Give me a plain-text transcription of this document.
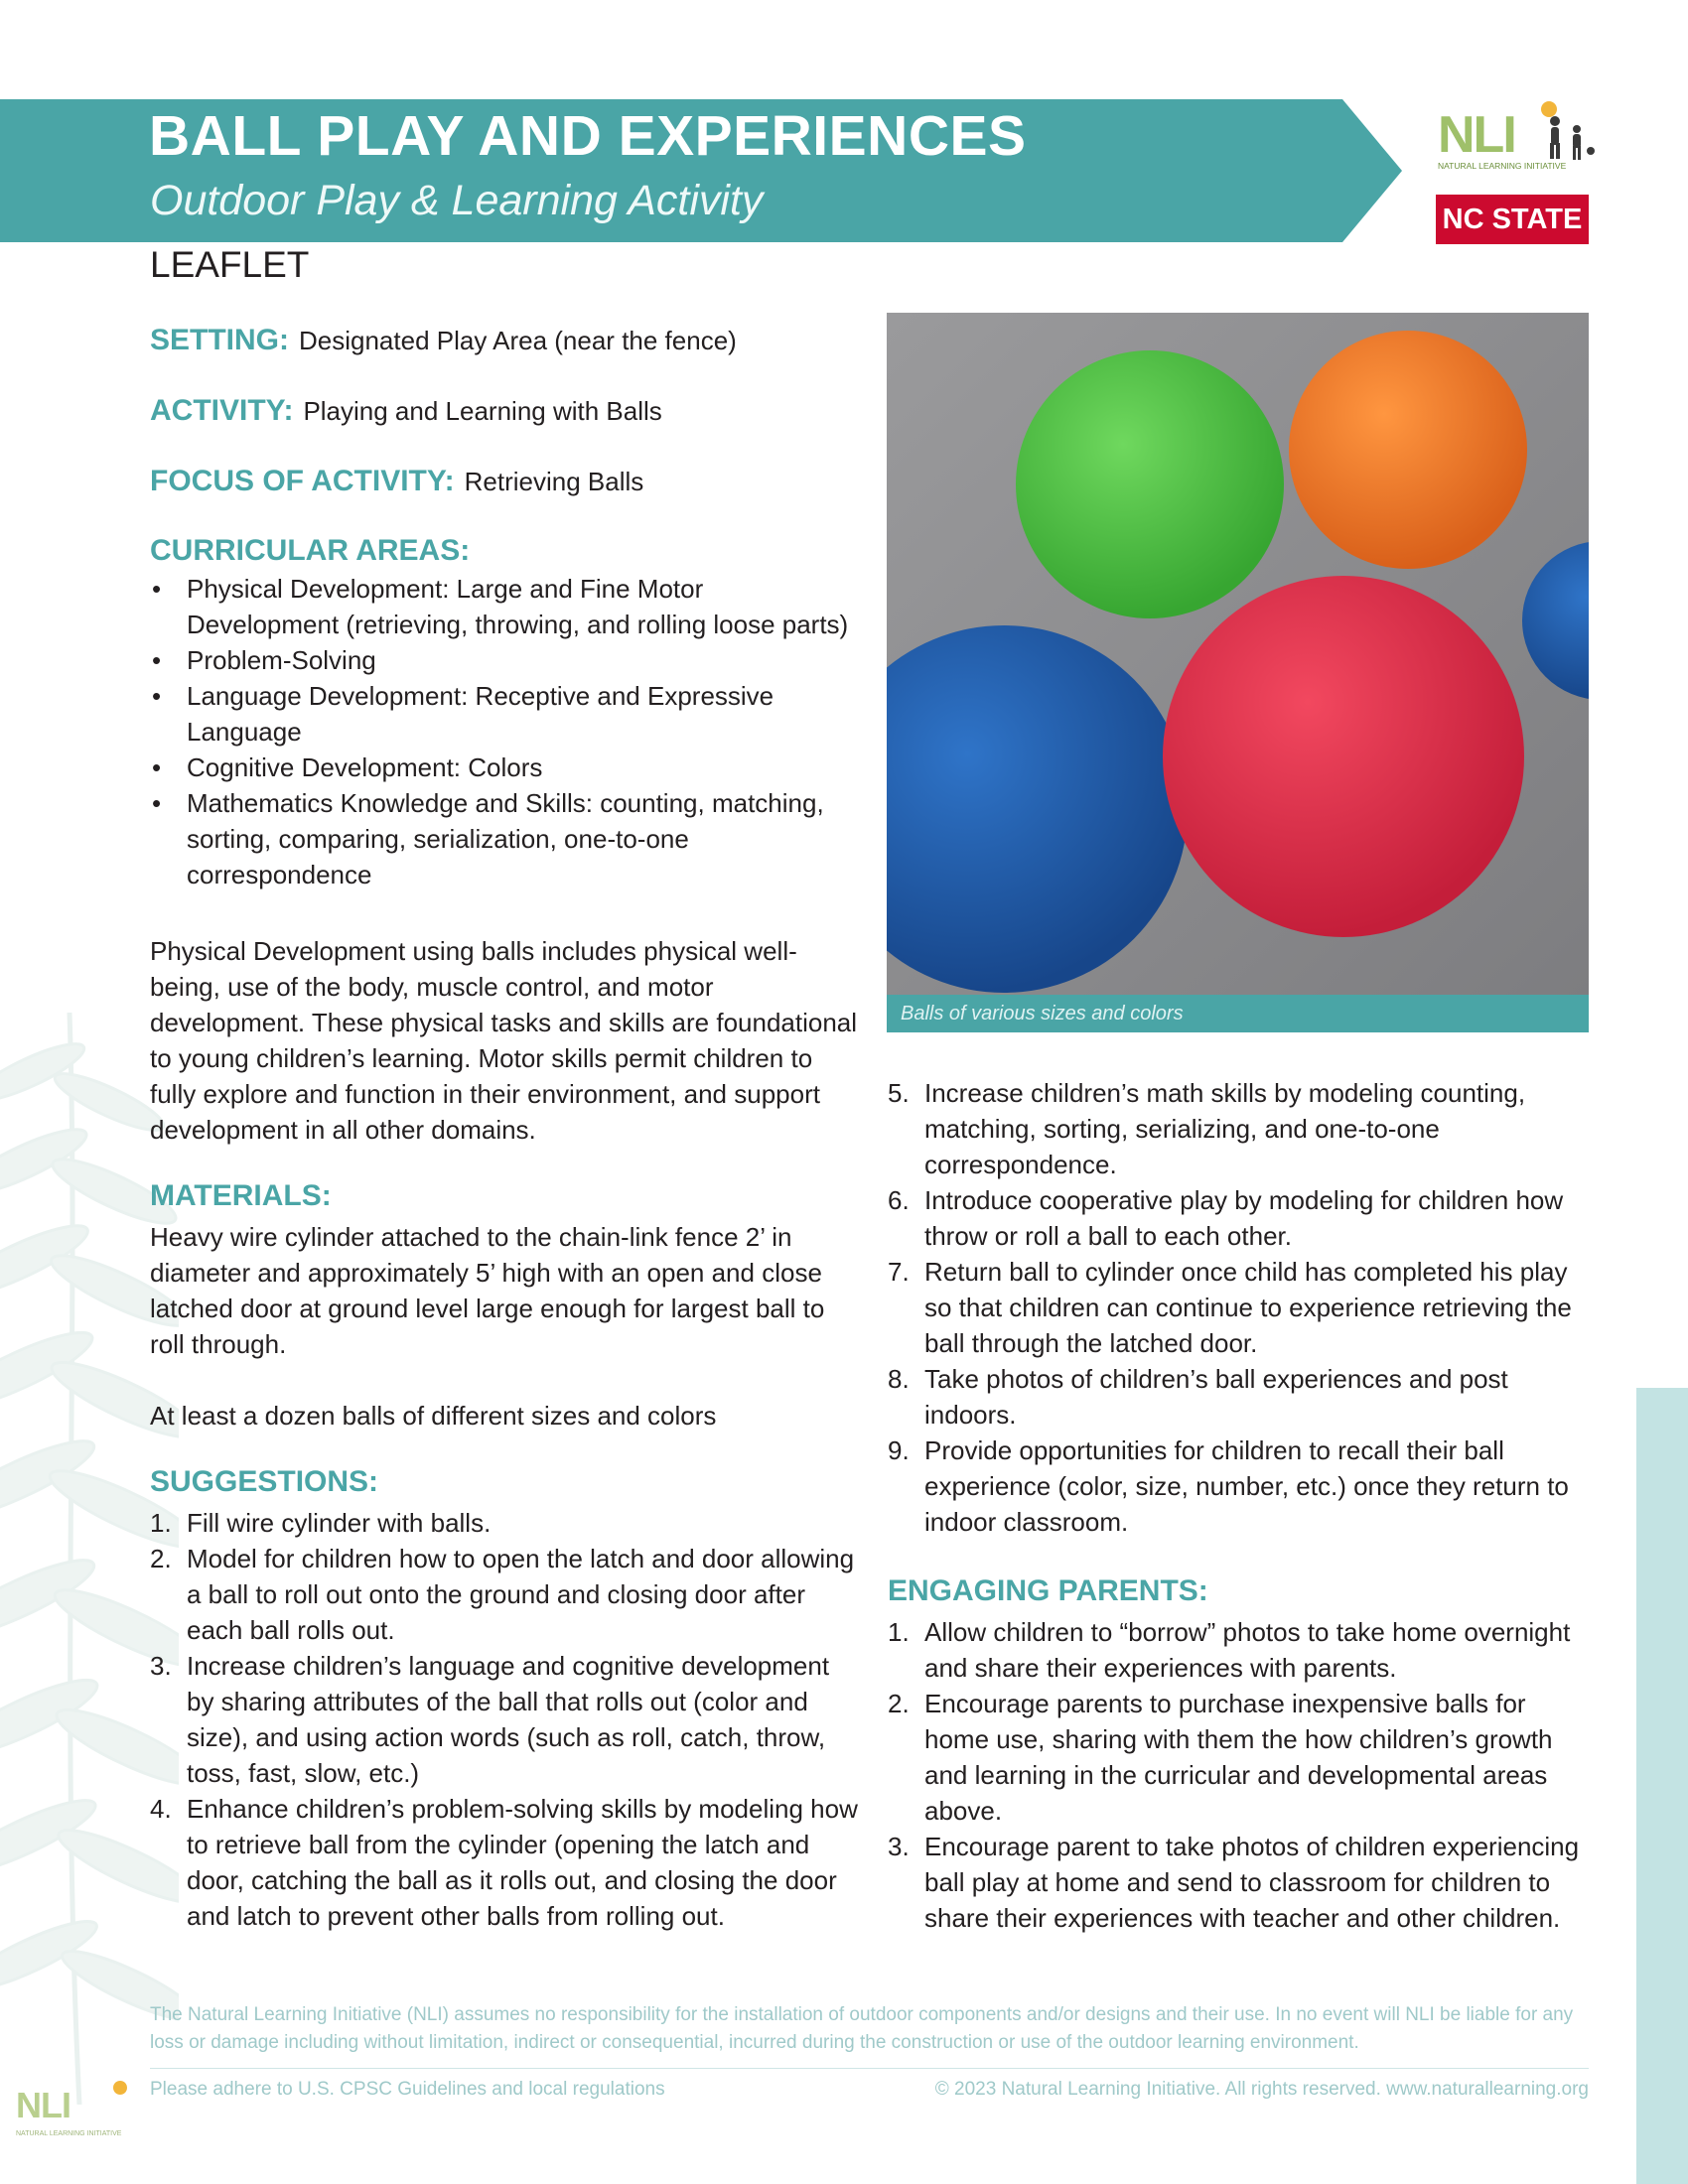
BALL PLAY AND EXPERIENCES
Outdoor Play & Learning Activity
LEAFLET
NLI
NATURAL LEARNING INITIATIVE
NC STATE
SETTING: Designated Play Area (near the fence)
ACTIVITY: Playing and Learning with Balls
FOCUS OF ACTIVITY: Retrieving Balls
CURRICULAR AREAS:
• Physical Development: Large and Fine Motor Development (retrieving, throwing, and rolling loose parts)
• Problem-Solving
• Language Development: Receptive and Expressive Language
• Cognitive Development: Colors
• Mathematics Knowledge and Skills: counting, matching, sorting, comparing, serialization, one-to-one correspondence

Physical Development using balls includes physical well-being, use of the body, muscle control, and motor development. These physical tasks and skills are foundational to young children’s learning. Motor skills permit children to fully explore and function in their environment, and support development in all other domains.

MATERIALS:

Heavy wire cylinder attached to the chain-link fence 2’ in diameter and approximately 5’ high with an open and close latched door at ground level large enough for largest ball to roll through.

At least a dozen balls of different sizes and colors

SUGGESTIONS:
1. Fill wire cylinder with balls.
2. Model for children how to open the latch and door allowing a ball to roll out onto the ground and closing door after each ball rolls out.
3. Increase children’s language and cognitive development by sharing attributes of the ball that rolls out (color and size), and using action words (such as roll, catch, throw, toss, fast, slow, etc.)
4. Enhance children’s problem-solving skills by modeling how to retrieve ball from the cylinder (opening the latch and door, catching the ball as it rolls out, and closing the door and latch to prevent other balls from rolling out.
Balls of various sizes and colors
5. Increase children’s math skills by modeling counting, matching, sorting, serializing, and one-to-one correspondence.
6. Introduce cooperative play by modeling for children how throw or roll a ball to each other.
7. Return ball to cylinder once child has completed his play so that children can continue to experience retrieving the ball through the latched door.
8. Take photos of children’s ball experiences and post indoors.
9. Provide opportunities for children to recall their ball experience (color, size, number, etc.) once they return to indoor classroom.
ENGAGING PARENTS:
1. Allow children to “borrow” photos to take home overnight and share their experiences with parents.
2. Encourage parents to purchase inexpensive balls for home use, sharing with them the how children’s growth and learning in the curricular and developmental areas above.
3. Encourage parent to take photos of children experiencing ball play at home and send to classroom for children to share their experiences with teacher and other children.

The Natural Learning Initiative (NLI) assumes no responsibility for the installation of outdoor components and/or designs and their use. In no event will NLI be liable for any loss or damage including without limitation, indirect or consequential, incurred during the construction or use of the outdoor learning environment.

NLI
NATURAL LEARNING INITIATIVE
Please adhere to U.S. CPSC Guidelines and local regulations	© 2023 Natural Learning Initiative. All rights reserved. www.naturallearning.org
